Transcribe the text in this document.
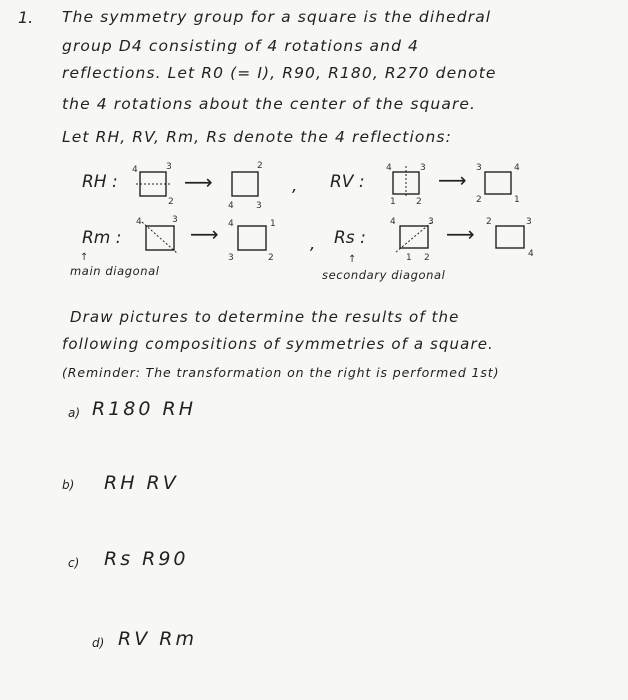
1. The symmetry group for a square is the dihedral
group D4 consisting of 4 rotations and 4
reflections. Let R0 (= I), R90, R180, R270 denote
the 4 rotations about the center of the square.
Let RH, RV, Rm, Rs denote the 4 reflections:
RH :
4	3
2
⟶
2
4 3
, RV :
4	3
1 2
⟶ 3	4
2	1
Rm :
4	3
⟶ 4	1
3	2
, Rs :
4	3
1 2
⟶ 2	3
4
↑
main diagonal
↑
secondary diagonal
Draw pictures to determine the results of the
following compositions of symmetries of a square.
(Reminder: The transformation on the right is performed 1st)
a) R180 RH
b) RH RV
c) Rs R90
d) RV Rm
